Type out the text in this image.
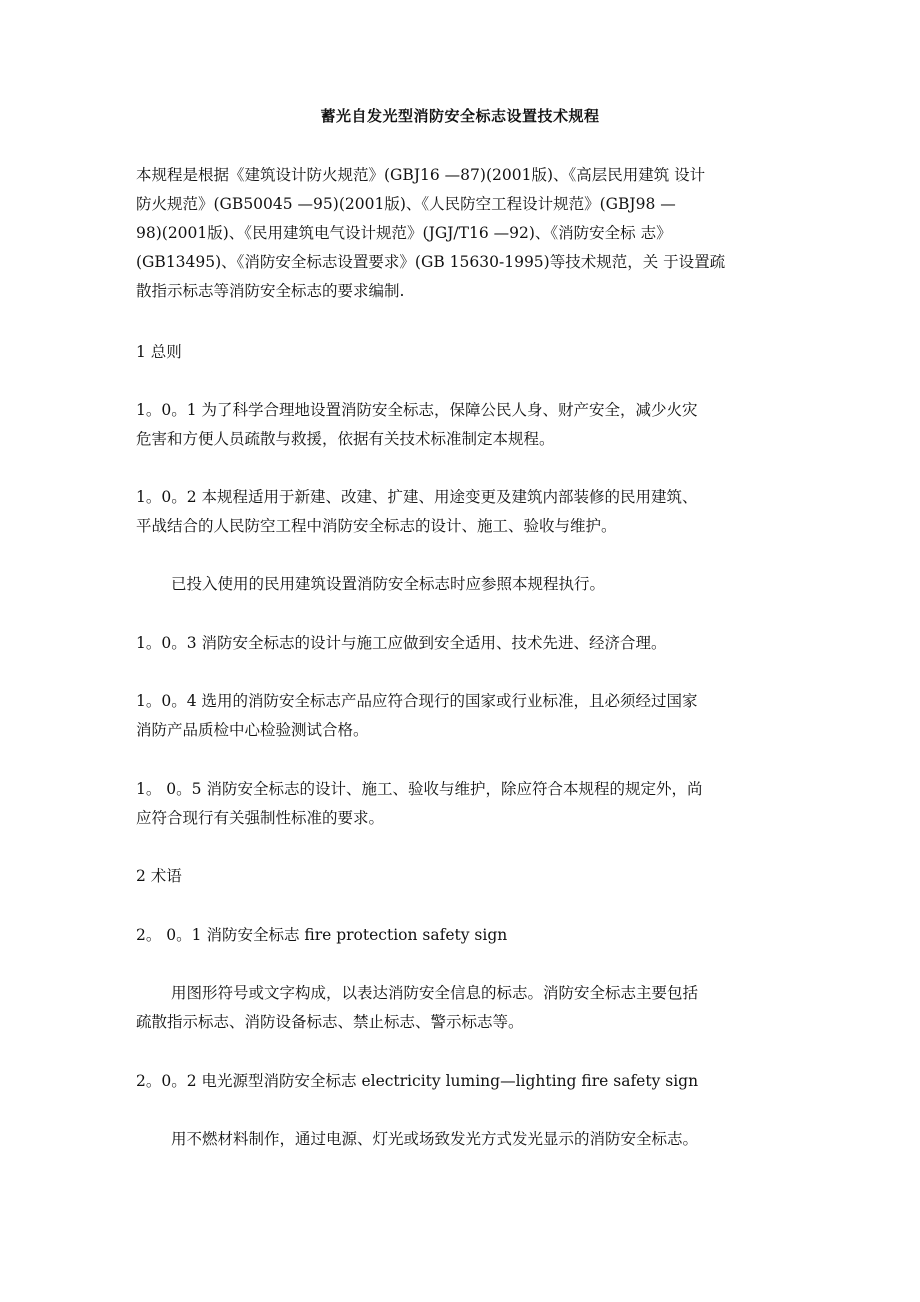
蓄光自发光型消防安全标志设置技术规程

本规程是根据《建筑设计防火规范》(GBJ16 —87)(2001版)、《高层民用建筑 设计

防火规范》(GB50045 —95)(2001版)、《人民防空工程设计规范》(GBJ98 —

98)(2001版)、《民用建筑电气设计规范》(JGJ/T16 —92)、《消防安全标 志》

(GB13495)、《消防安全标志设置要求》(GB 15630-1995)等技术规范，关 于设置疏

散指示标志等消防安全标志的要求编制.

1 总则

1。0。1 为了科学合理地设置消防安全标志，保障公民人身、财产安全，减少火灾

危害和方便人员疏散与救援，依据有关技术标准制定本规程。

1。0。2 本规程适用于新建、改建、扩建、用途变更及建筑内部装修的民用建筑、

平战结合的人民防空工程中消防安全标志的设计、施工、验收与维护。

已投入使用的民用建筑设置消防安全标志时应参照本规程执行。

1。0。3 消防安全标志的设计与施工应做到安全适用、技术先进、经济合理。

1。0。4 选用的消防安全标志产品应符合现行的国家或行业标准，且必须经过国家

消防产品质检中心检验测试合格。

1。 0。5 消防安全标志的设计、施工、验收与维护，除应符合本规程的规定外，尚

应符合现行有关强制性标准的要求。

2 术语

2。 0。1 消防安全标志 fire protection safety sign

用图形符号或文字构成，以表达消防安全信息的标志。消防安全标志主要包括

疏散指示标志、消防设备标志、禁止标志、警示标志等。

2。0。2 电光源型消防安全标志 electricity luming—lighting fire safety sign

用不燃材料制作，通过电源、灯光或场致发光方式发光显示的消防安全标志。
